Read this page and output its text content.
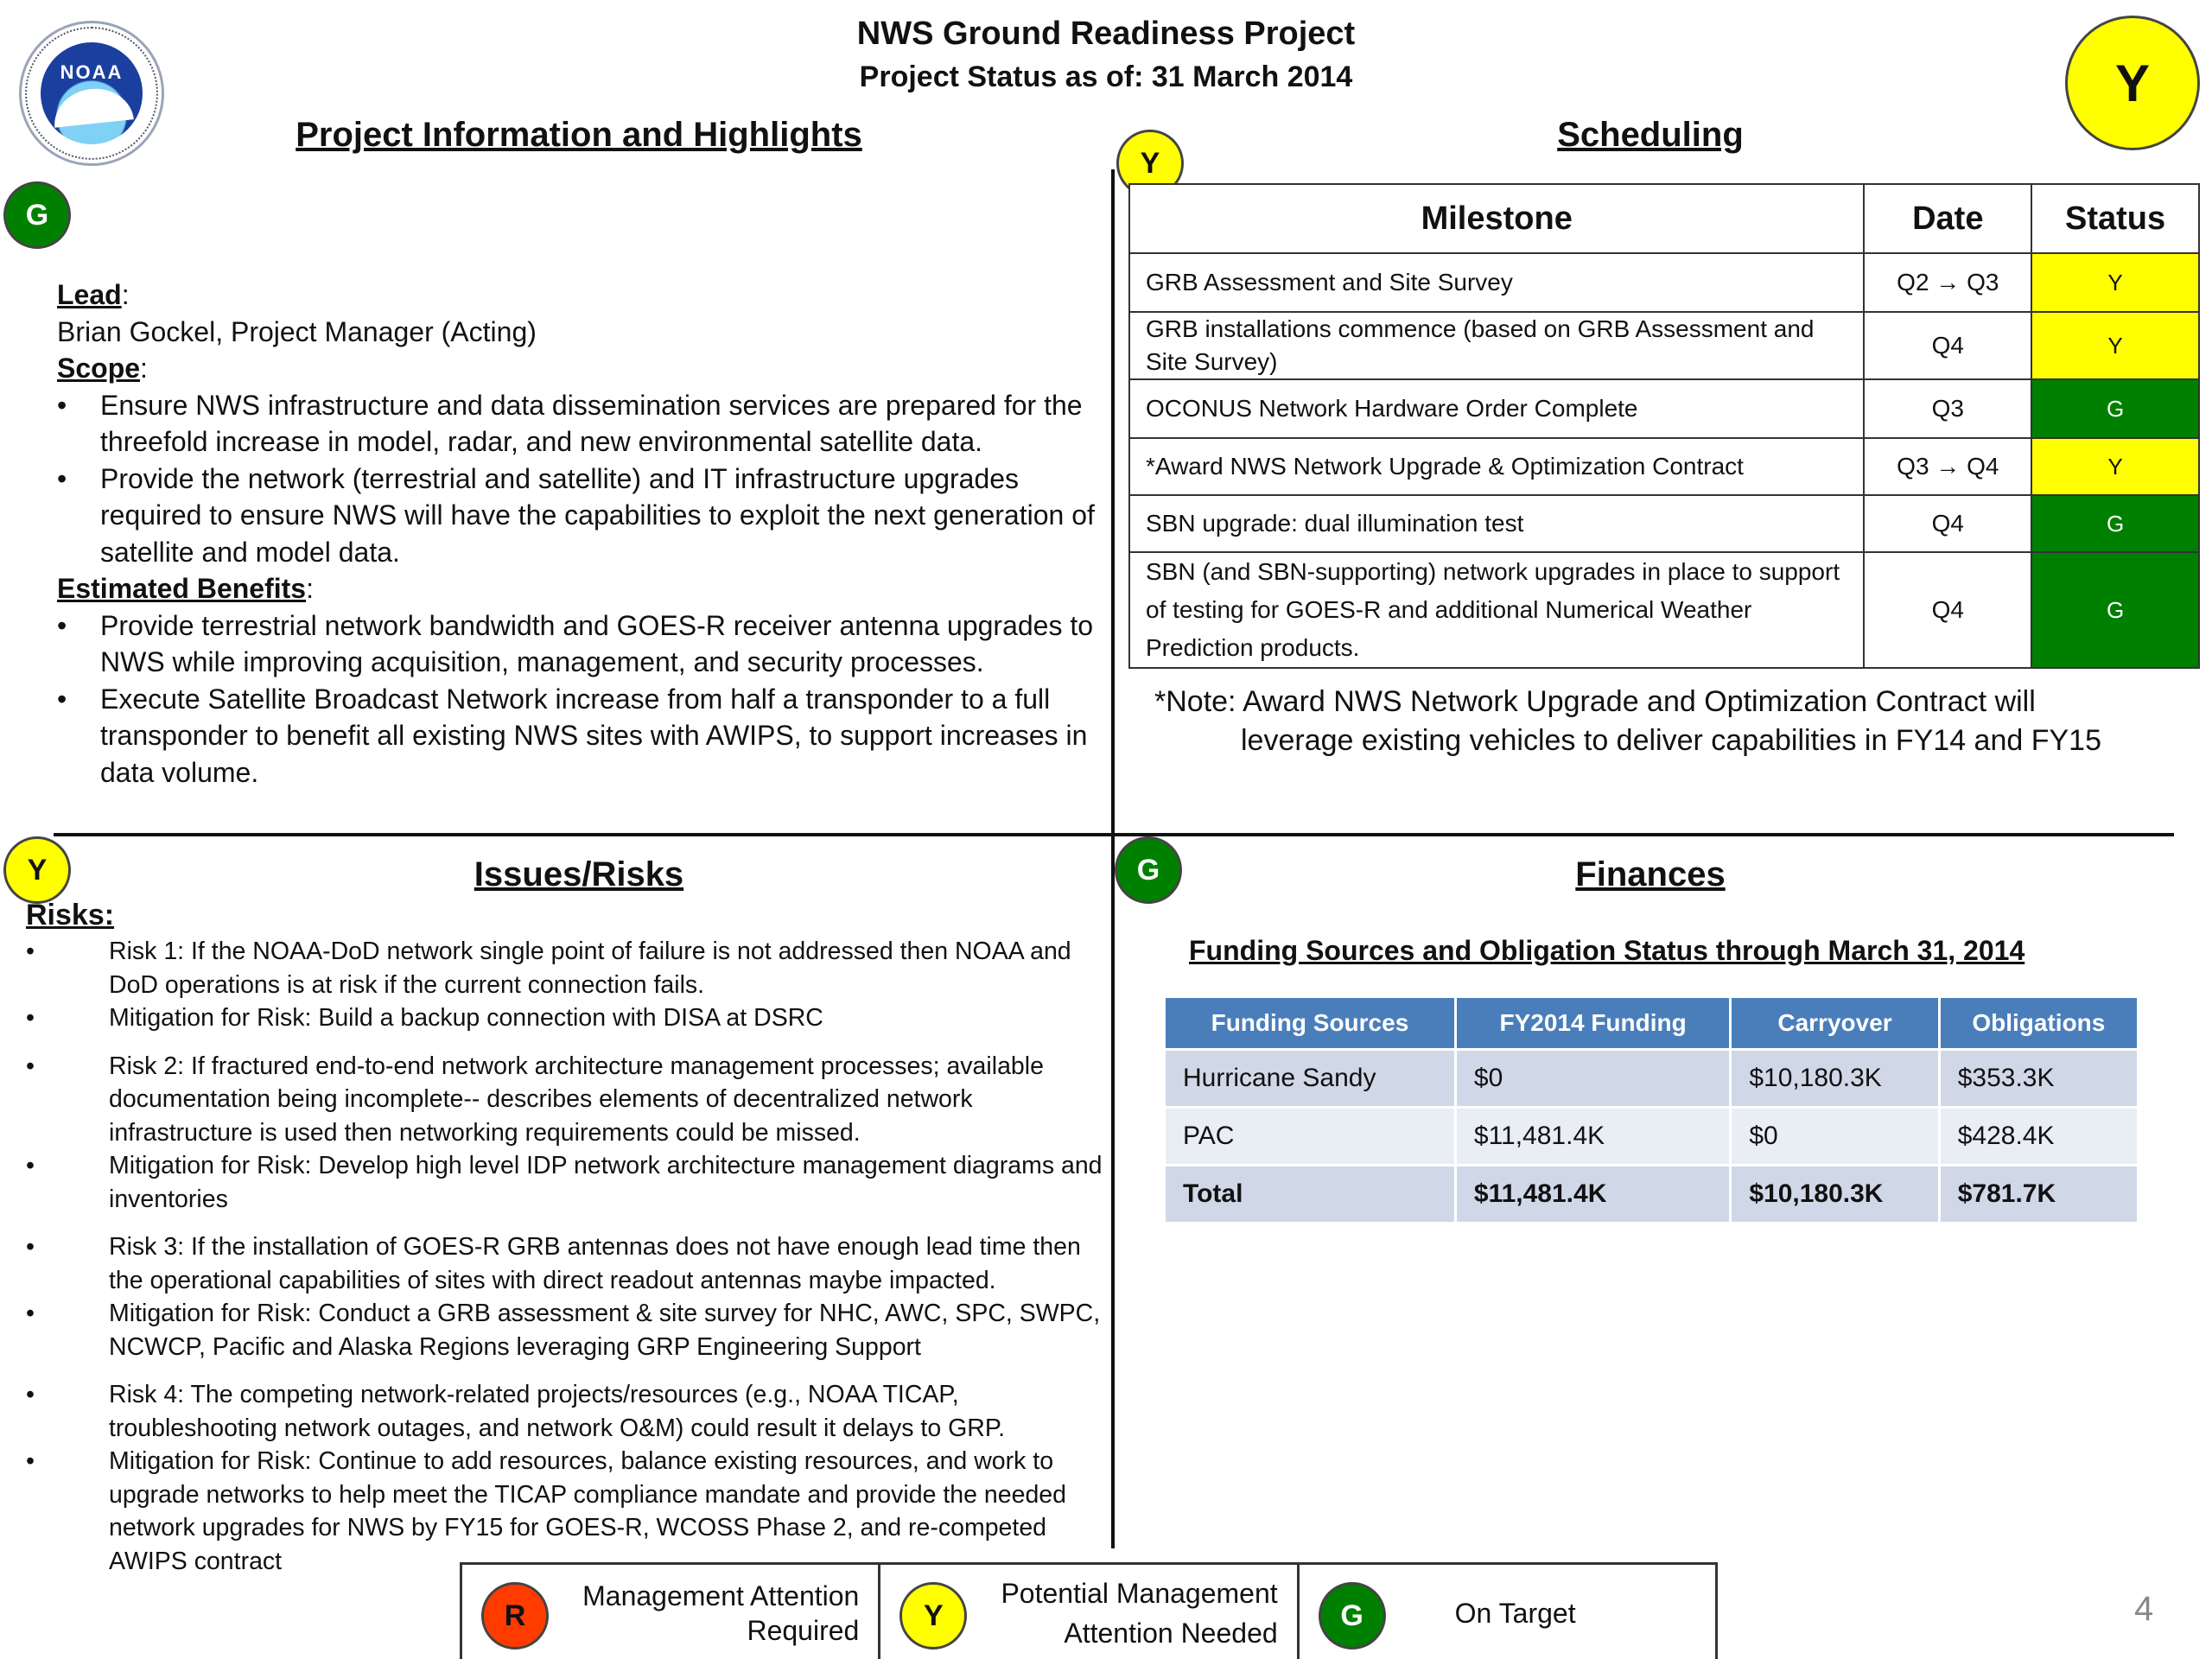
NWS Ground Readiness Project
Project Status as of: 31 March 2014
NOAA	Y
Project Information and Highlights
G
Lead:
Brian Gockel, Project Manager (Acting)
Scope:
• Ensure NWS infrastructure and data dissemination services are prepared for the threefold increase in model, radar, and new environmental satellite data.
• Provide the network (terrestrial and satellite) and IT infrastructure upgrades required to ensure NWS will have the capabilities to exploit the next generation of satellite and model data.
Estimated Benefits:
• Provide terrestrial network bandwidth and GOES-R receiver antenna upgrades to NWS while improving acquisition, management, and security processes.
• Execute Satellite Broadcast Network increase from half a transponder to a full transponder to benefit all existing NWS sites with AWIPS, to support increases in data volume.
Scheduling
Y
Milestone	Date	Status
GRB Assessment and Site Survey	Q2 → Q3	Y
GRB installations commence (based on GRB Assessment and Site Survey)	Q4	Y
OCONUS Network Hardware Order Complete	Q3	G
*Award NWS Network Upgrade & Optimization Contract	Q3 → Q4	Y
SBN upgrade: dual illumination test	Q4	G
SBN (and SBN-supporting) network upgrades in place to support of testing for GOES-R and additional Numerical Weather Prediction products.	Q4	G
*Note: Award NWS Network Upgrade and Optimization Contract will
leverage existing vehicles to deliver capabilities in FY14 and FY15
Issues/Risks
Y
Risks:
• Risk 1: If the NOAA-DoD network single point of failure is not addressed then NOAA and DoD operations is at risk if the current connection fails.
• Mitigation for Risk: Build a backup connection with DISA at DSRC
• Risk 2: If fractured end-to-end network architecture management processes; available documentation being incomplete-- describes elements of decentralized network infrastructure is used then networking requirements could be missed.
• Mitigation for Risk: Develop high level IDP network architecture management diagrams and inventories
• Risk 3: If the installation of GOES-R GRB antennas does not have enough lead time then the operational capabilities of sites with direct readout antennas maybe impacted.
• Mitigation for Risk: Conduct a GRB assessment & site survey for NHC, AWC, SPC, SWPC, NCWCP, Pacific and Alaska Regions leveraging GRP Engineering Support
• Risk 4: The competing network-related projects/resources (e.g., NOAA TICAP, troubleshooting network outages, and network O&M) could result it delays to GRP.
• Mitigation for Risk: Continue to add resources, balance existing resources, and work to upgrade networks to help meet the TICAP compliance mandate and provide the needed network upgrades for NWS by FY15 for GOES-R, WCOSS Phase 2, and re-competed AWIPS contract
Finances
G
Funding Sources and Obligation Status through March 31, 2014
Funding Sources	FY2014 Funding	Carryover	Obligations
Hurricane Sandy	$0	$10,180.3K	$353.3K
PAC	$11,481.4K	$0	$428.4K
Total	$11,481.4K	$10,180.3K	$781.7K
R
Management Attention
Required	Y
Potential Management
Attention Needed
G	On Target	4
